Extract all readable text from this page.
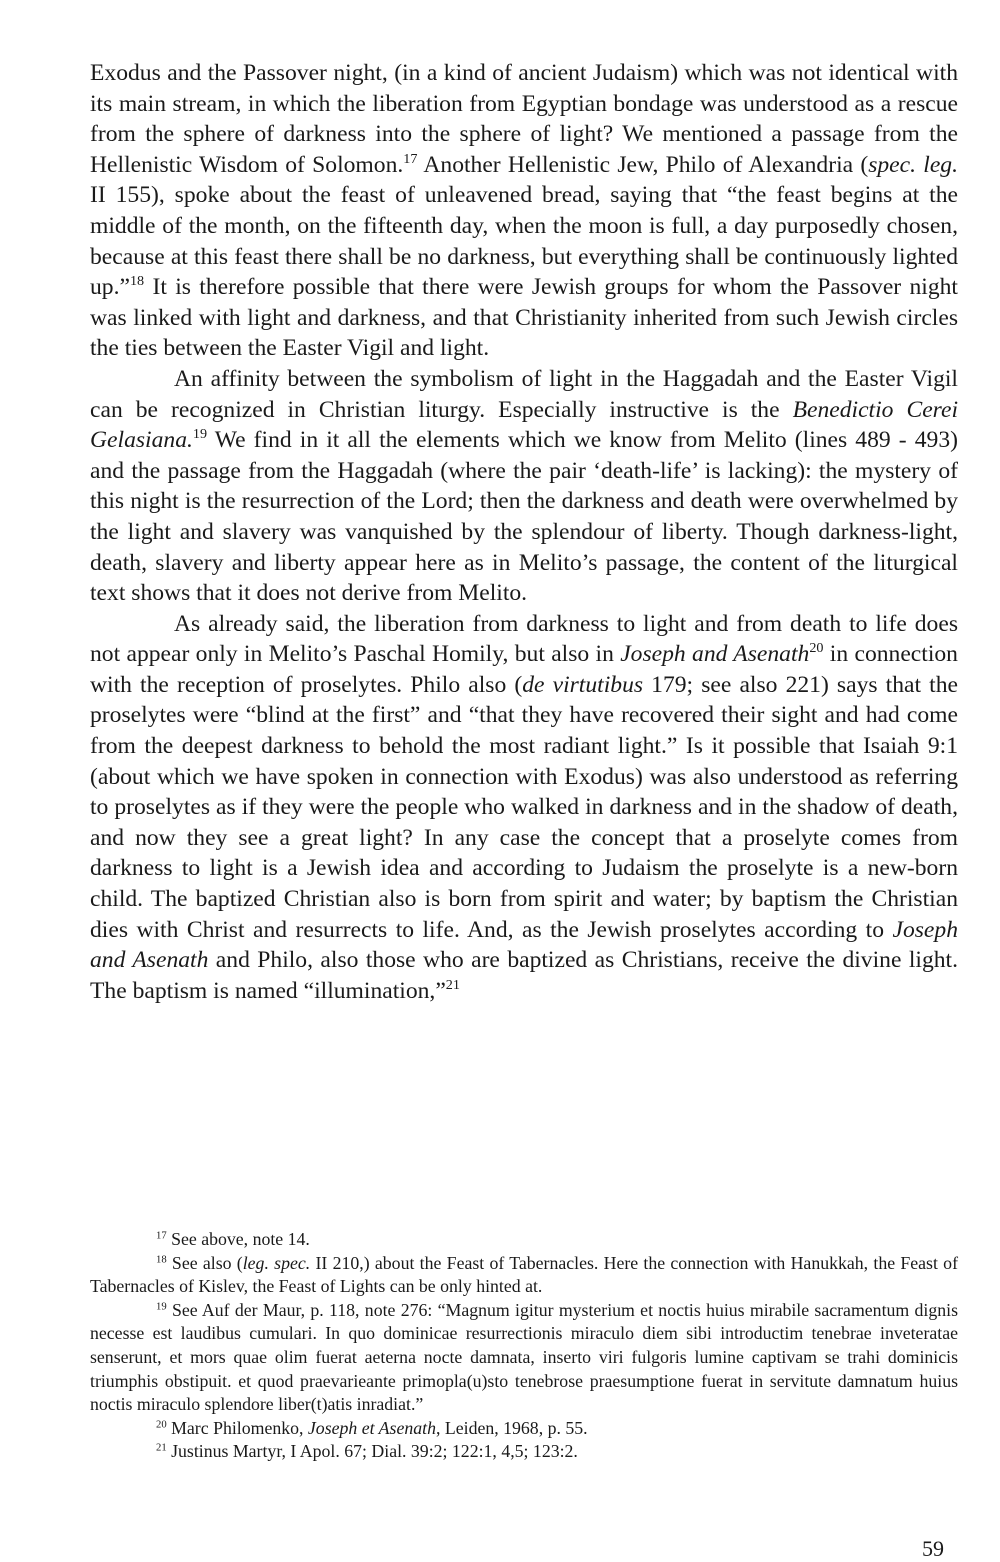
Exodus and the Passover night, (in a kind of ancient Judaism) which was not identical with its main stream, in which the liberation from Egyptian bondage was understood as a rescue from the sphere of darkness into the sphere of light? We mentioned a passage from the Hellenistic Wisdom of Solomon.$^{17}$ Another Hellenistic Jew, Philo of Alexandria (spec. leg. II 155), spoke about the feast of unleavened bread, saying that “the feast begins at the middle of the month, on the fifteenth day, when the moon is full, a day purposedly chosen, because at this feast there shall be no darkness, but everything shall be continuously lighted up.”$^{18}$ It is therefore possible that there were Jewish groups for whom the Passover night was linked with light and darkness, and that Christianity inherited from such Jewish circles the ties between the Easter Vigil and light.

An affinity between the symbolism of light in the Haggadah and the Easter Vigil can be recognized in Christian liturgy. Especially instructive is the Benedictio Cerei Gelasiana.$^{19}$ We find in it all the elements which we know from Melito (lines 489 - 493) and the passage from the Haggadah (where the pair ‘death-life’ is lacking): the mystery of this night is the resurrection of the Lord; then the darkness and death were overwhelmed by the light and slavery was vanquished by the splendour of liberty. Though darkness-light, death, slavery and liberty appear here as in Melito’s passage, the content of the liturgical text shows that it does not derive from Melito.

As already said, the liberation from darkness to light and from death to life does not appear only in Melito’s Paschal Homily, but also in Joseph and Asenath$^{20}$ in connection with the reception of proselytes. Philo also (de virtutibus 179; see also 221) says that the proselytes were “blind at the first” and “that they have recovered their sight and had come from the deepest darkness to behold the most radiant light.” Is it possible that Isaiah 9:1 (about which we have spoken in connection with Exodus) was also understood as referring to proselytes as if they were the people who walked in darkness and in the shadow of death, and now they see a great light? In any case the concept that a proselyte comes from darkness to light is a Jewish idea and according to Judaism the proselyte is a new-born child. The baptized Christian also is born from spirit and water; by baptism the Christian dies with Christ and resurrects to life. And, as the Jewish proselytes according to Joseph and Asenath and Philo, also those who are baptized as Christians, receive the divine light. The baptism is named “illumination,”$^{21}$

$^{17}$ See above, note 14.

$^{18}$ See also (leg. spec. II 210,) about the Feast of Tabernacles. Here the connection with Hanukkah, the Feast of Tabernacles of Kislev, the Feast of Lights can be only hinted at.

$^{19}$ See Auf der Maur, p. 118, note 276: “Magnum igitur mysterium et noctis huius mirabile sacramentum dignis necesse est laudibus cumulari. In quo dominicae resurrectionis miraculo diem sibi introductim tenebrae inveteratae senserunt, et mors quae olim fuerat aeterna nocte damnata, inserto viri fulgoris lumine captivam se trahi dominicis triumphis obstipuit. et quod praevarieante primopla(u)sto tenebrose praesumptione fuerat in servitute damnatum huius noctis miraculo splendore liber(t)atis inradiat.”

$^{20}$ Marc Philomenko, Joseph et Asenath, Leiden, 1968, p. 55.

$^{21}$ Justinus Martyr, I Apol. 67; Dial. 39:2; 122:1, 4,5; 123:2.

59
